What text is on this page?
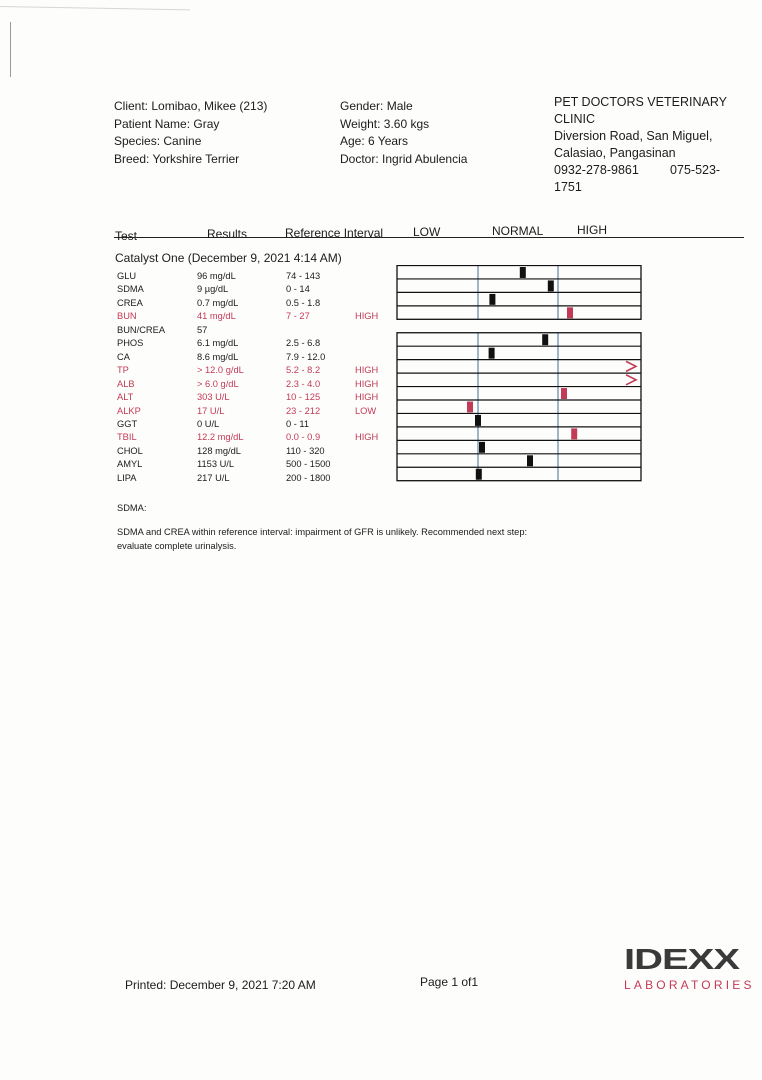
Client: Lomibao, Mikee (213)
Patient Name: Gray
Species: Canine
Breed: Yorkshire Terrier
Gender: Male
Weight: 3.60 kgs
Age: 6 Years
Doctor: Ingrid Abulencia
PET DOCTORS VETERINARY
CLINIC
Diversion Road, San Miguel,
Calasiao, Pangasinan
0932-278-9861         075-523-
1751
Test	Results	Reference Interval LOW	NORMAL	HIGH
Catalyst One (December 9, 2021 4:14 AM)
GLU	96 mg/dL	74 - 143
SDMA	9 µg/dL	0 - 14
CREA	0.7 mg/dL	0.5 - 1.8
BUN	41 mg/dL	7 - 27	HIGH
BUN/CREA	57
PHOS	6.1 mg/dL	2.5 - 6.8
CA	8.6 mg/dL	7.9 - 12.0
TP	> 12.0 g/dL	5.2 - 8.2	HIGH
ALB	> 6.0 g/dL	2.3 - 4.0	HIGH
ALT	303 U/L	10 - 125	HIGH
ALKP	17 U/L	23 - 212	LOW
GGT	0 U/L	0 - 11
TBIL	12.2 mg/dL	0.0 - 0.9	HIGH
CHOL	128 mg/dL	110 - 320
AMYL	1153 U/L	500 - 1500
LIPA	217 U/L	200 - 1800
SDMA:
SDMA and CREA within reference interval: impairment of GFR is unlikely. Recommended next step:
evaluate complete urinalysis.
Printed: December 9, 2021 7:20 AM	Page 1 of1
IDEXX
LABORATORIES
